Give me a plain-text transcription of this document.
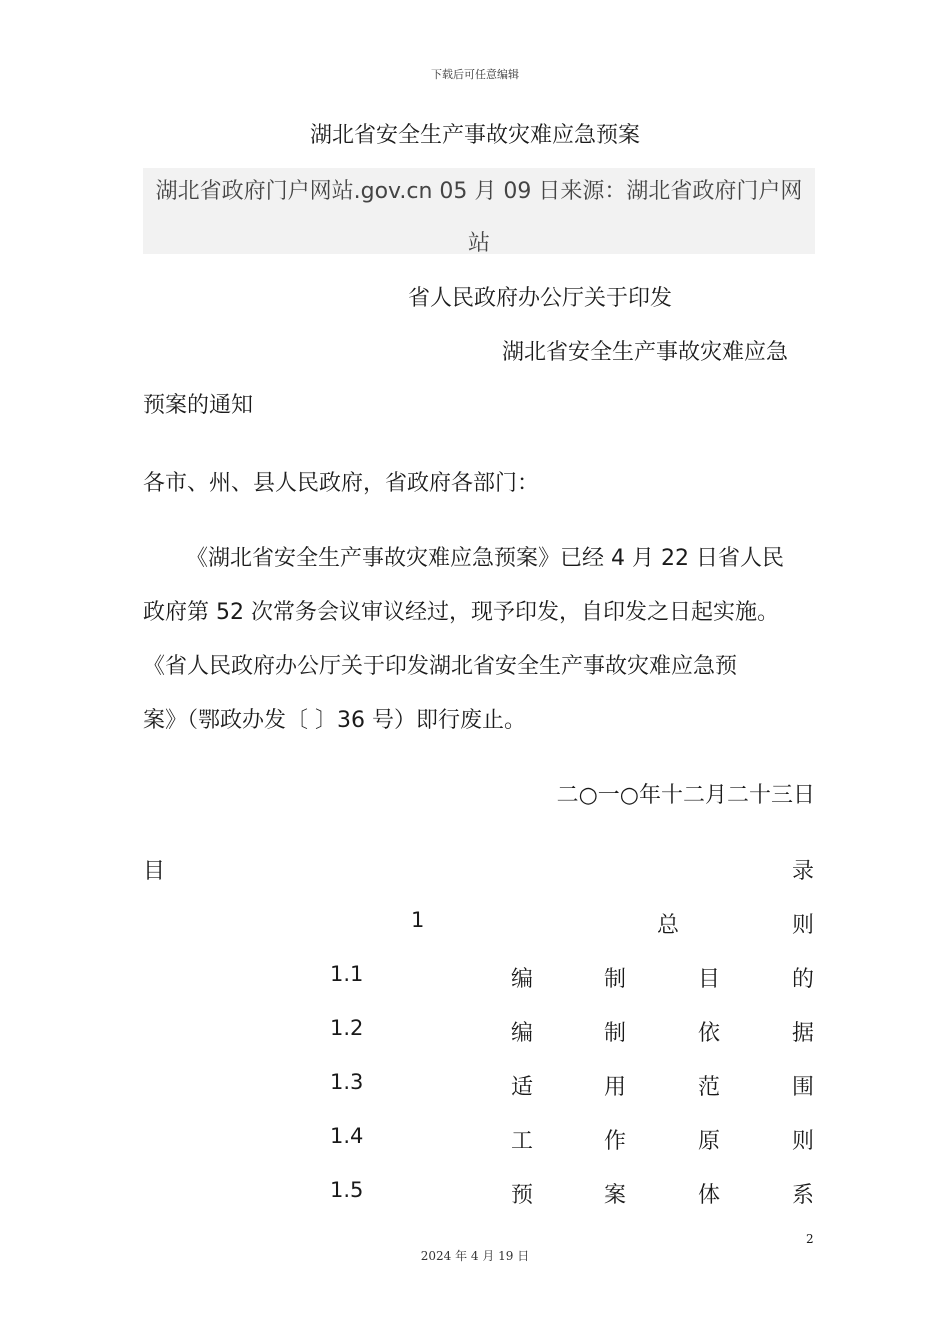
下载后可任意编辑
湖北省安全生产事故灾难应急预案
湖北省政府门户网站.gov.cn 05 月 09 日来源：湖北省政府门户网
站
省人民政府办公厅关于印发
湖北省安全生产事故灾难应急
预案的通知
各市、州、县人民政府，省政府各部门：
《湖北省安全生产事故灾难应急预案》已经 4 月 22 日省人民
政府第 52 次常务会议审议经过，现予印发，自印发之日起实施。
《省人民政府办公厅关于印发湖北省安全生产事故灾难应急预
案》（鄂政办发〔 〕36 号）即行废止。
二○一○年十二月二十三日
目	录
1	总	则
1.1	编	制	目	的
1.2	编	制	依	据
1.3	适	用	范	围
1.4	工	作	原	则
1.5	预	案	体	系
2
2024 年 4 月 19 日
